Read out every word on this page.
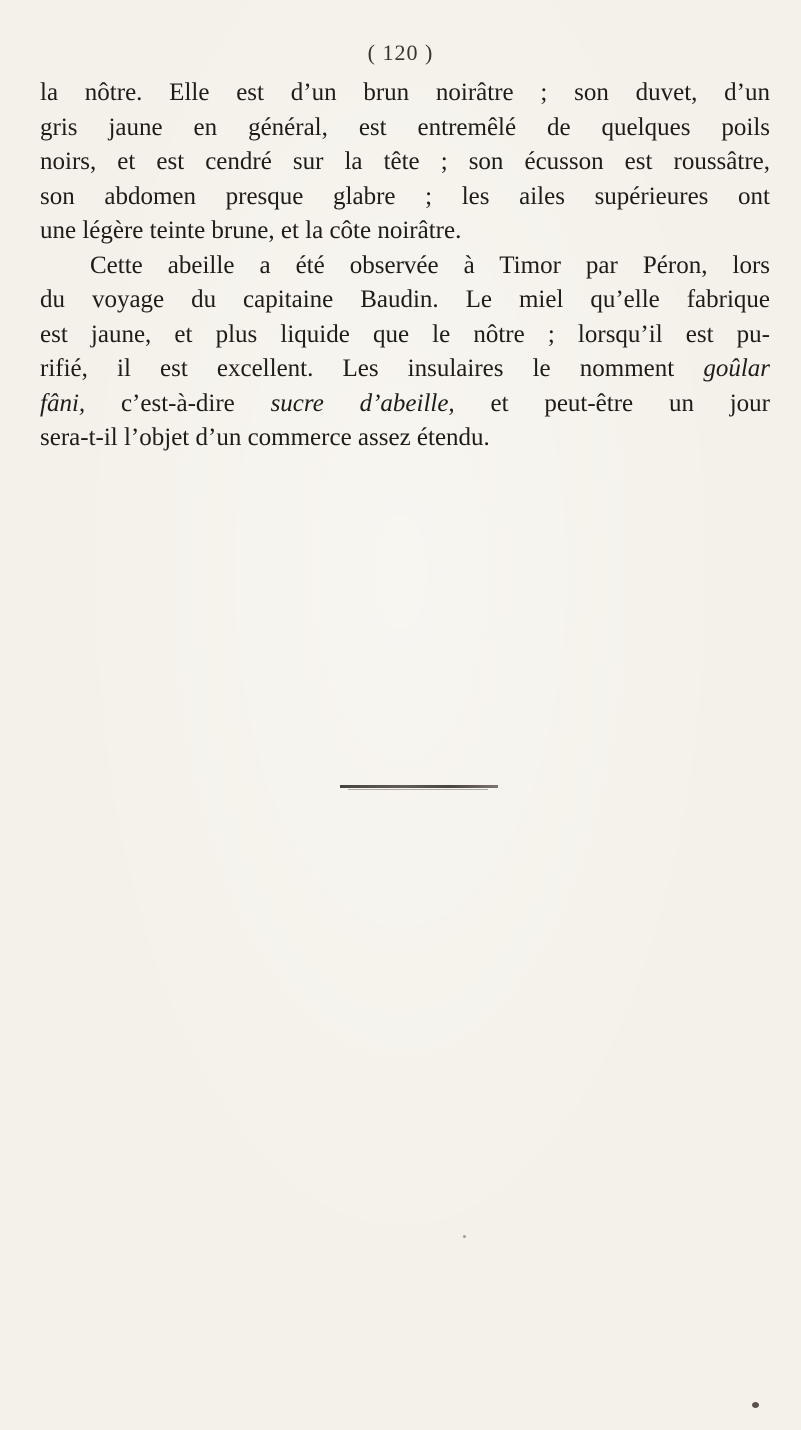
( 120 )
la nôtre. Elle est d’un brun noirâtre ; son duvet, d’un
gris jaune en général, est entremêlé de quelques poils
noirs, et est cendré sur la tête ; son écusson est roussâtre,
son abdomen presque glabre ; les ailes supérieures ont
une légère teinte brune, et la côte noirâtre.
Cette abeille a été observée à Timor par Péron, lors
du voyage du capitaine Baudin. Le miel qu’elle fabrique
est jaune, et plus liquide que le nôtre ; lorsqu’il est pu-
rifié, il est excellent. Les insulaires le nomment goûlar
fâni, c’est-à-dire sucre d’abeille, et peut-être un jour
sera-t-il l’objet d’un commerce assez étendu.
